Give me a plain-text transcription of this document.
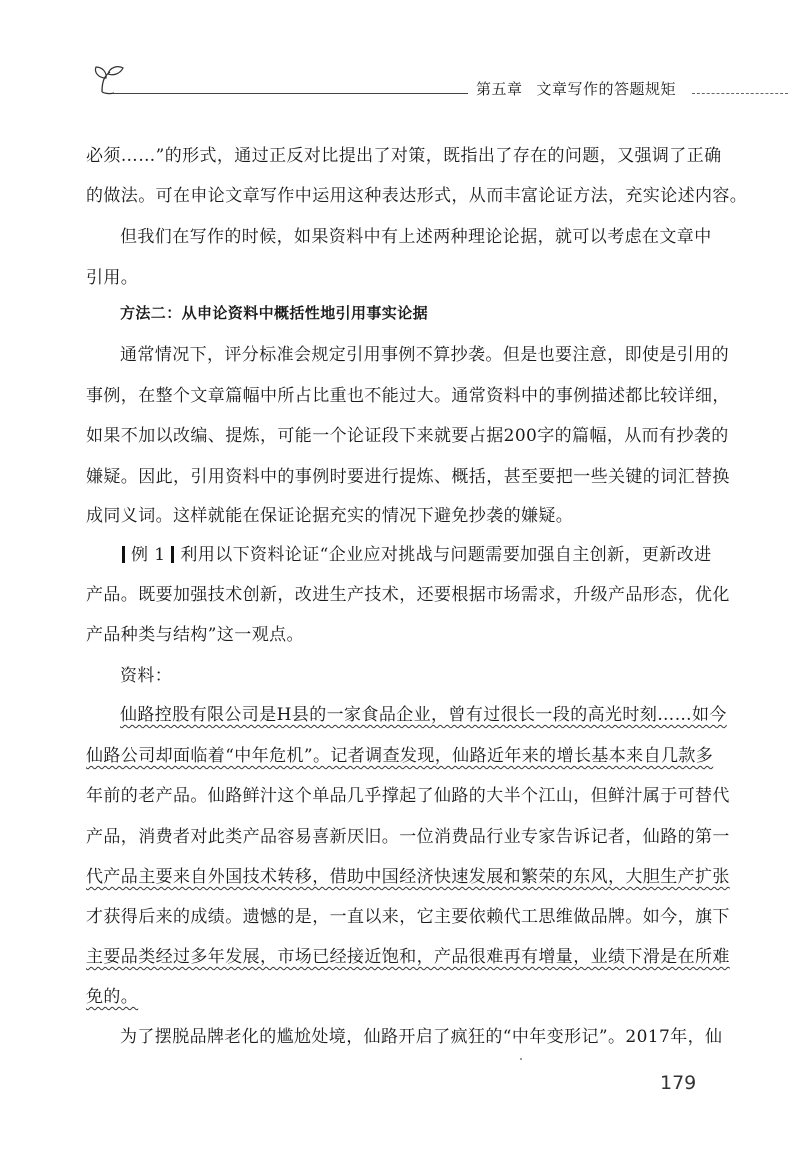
第五章 文章写作的答题规矩
必须……”的形式，通过正反对比提出了对策，既指出了存在的问题，又强调了正确
的做法。可在申论文章写作中运用这种表达形式，从而丰富论证方法，充实论述内容。
但我们在写作的时候，如果资料中有上述两种理论论据，就可以考虑在文章中
引用。
方法二：从申论资料中概括性地引用事实论据
通常情况下，评分标准会规定引用事例不算抄袭。但是也要注意，即使是引用的
事例，在整个文章篇幅中所占比重也不能过大。通常资料中的事例描述都比较详细，
如果不加以改编、提炼，可能一个论证段下来就要占据200字的篇幅，从而有抄袭的
嫌疑。因此，引用资料中的事例时要进行提炼、概括，甚至要把一些关键的词汇替换
成同义词。这样就能在保证论据充实的情况下避免抄袭的嫌疑。
例 1 利用以下资料论证“企业应对挑战与问题需要加强自主创新，更新改进
产品。既要加强技术创新，改进生产技术，还要根据市场需求，升级产品形态，优化
产品种类与结构”这一观点。
资料：
仙路控股有限公司是H县的一家食品企业，曾有过很长一段的高光时刻……如今
仙路公司却面临着“中年危机”。记者调查发现，仙路近年来的增长基本来自几款多
年前的老产品。仙路鲜汁这个单品几乎撑起了仙路的大半个江山，但鲜汁属于可替代
产品，消费者对此类产品容易喜新厌旧。一位消费品行业专家告诉记者，仙路的第一
代产品主要来自外国技术转移，借助中国经济快速发展和繁荣的东风，大胆生产扩张
才获得后来的成绩。遗憾的是，一直以来，它主要依赖代工思维做品牌。如今，旗下
主要品类经过多年发展，市场已经接近饱和，产品很难再有增量，业绩下滑是在所难
免的。
为了摆脱品牌老化的尴尬处境，仙路开启了疯狂的“中年变形记”。2017年，仙
179
